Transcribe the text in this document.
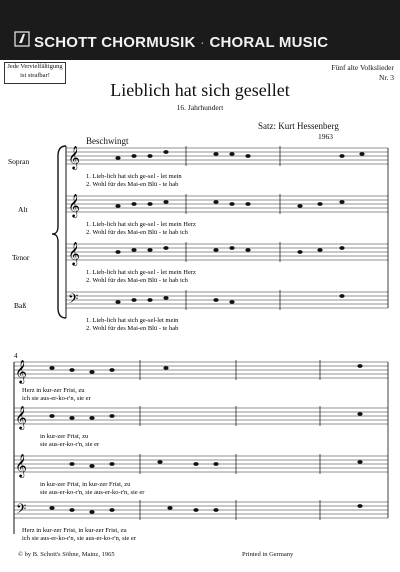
SCHOTT CHORMUSIK · CHORAL MUSIC
Jede Vervielfältigung
ist strafbar!
Fünf alte Volkslieder
Nr. 3
Lieblich hat sich gesellet
16. Jahrhundert
Satz: Kurt Hessenberg
1963
Beschwingt
Sopran
Alt
Tenor
Baß
𝄞
1. Lieb-lich hat sich ge-sel - let mein
2. Wohl für des Mai-en Blü - te hab
𝄞
1. Lieb-lich hat sich ge-sel - let mein Herz
2. Wohl für des Mai-en Blü - te hab ich
𝄞
1. Lieb-lich hat sich ge-sel - let mein Herz
2. Wohl für des Mai-en Blü - te hab ich
𝄢
1. Lieb-lich hat sich ge-sel-let mein
2. Wohl für des Mai-en Blü - te hab
4
𝄞
Herz in kur-zer Frist, zu
ich sie aus-er-ko-r'n, sie er
𝄞
in kur-zer Frist, zu
sie aus-er-ko-r'n, sie er
𝄞
in kur-zer Frist, in kur-zer Frist, zu
sie aus-er-ko-r'n, sie aus-er-ko-r'n, sie er
𝄢
Herz in kur-zer Frist, in kur-zer Frist, zu
ich sie aus-er-ko-r'n, sie aus-er-ko-r'n, sie er
© by B. Schott's Söhne, Mainz, 1965	Printed in Germany
